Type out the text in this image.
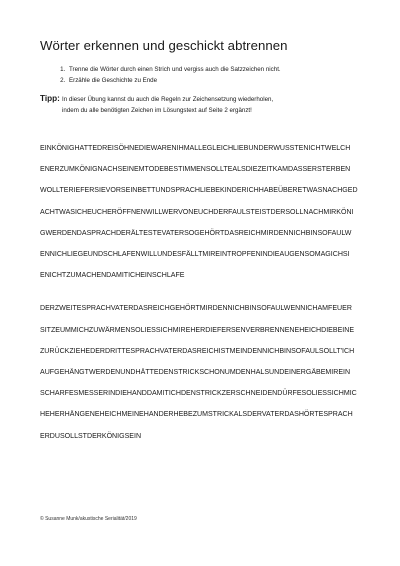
Wörter erkennen und geschickt abtrennen
1. Trenne die Wörter durch einen Strich und vergiss auch die Satzzeichen nicht.
2. Erzähle die Geschichte zu Ende
Tipp: In dieser Übung kannst du auch die Regeln zur Zeichensetzung wiederholen,
indem du alle benötigten Zeichen im Lösungstext auf Seite 2 ergänzt!
EINKÖNIGHATTEDREISÖHNEDIEWARENIHMALLEGLEICHLIEBUNDERWUSSTENICHTWELCH
ENERZUMKÖNIGNACHSEINEMTODEBESTIMMENSOLLTEALSDIEZEITKAMDASSERSTERBEN
WOLLTERIEFERSIEVORSEINBETTUNDSPRACHLIEBEKINDERICHHABEÜBERETWASNACHGED
ACHTWASICHEUCHERÖFFNENWILLWERVONEUCHDERFAULSTEISTDERSOLLNACHMIRKÖNI
GWERDENDASPRACHDERÄLTESTEVATERSOGEHÖRTDASREICHMIRDENNICHBINSOFAULW
ENNICHLIEGEUNDSCHLAFENWILLUNDESFÄLLTMIREINTROPFENINDIEAUGENSOMAGICHSI
ENICHTZUMACHENDAMITICHEINSCHLAFE
DERZWEITESPRACHVATERDASREICHGEHÖRTMIRDENNICHBINSOFAULWENNICHAMFEUER
SITZEUMMICHZUWÄRMENSOLIESSICHMIREHERDIEFERSENVERBRENNENEHEICHDIEBEINE
ZURÜCKZIEHEDERDRITTESPRACHVATERDASREICHISTMEINDENNICHBINSOFAULSOLLT'ICH
AUFGEHÄNGTWERDENUNDHÄTTEDENSTRICKSCHONUMDENHALSUNDEINERGÄBEMIREIN
SCHARFESMESSERINDIEHANDDAMITICHDENSTRICKZERSCHNEIDENDÜRFESOLIESSICHMIC
HEHERHÄNGENEHEICHMEINEHANDERHEBEZUMSTRICKALSDERVATERDASHÖRTESPRACH
ERDUSOLLSTDERKÖNIGSEIN
© Susanne Munk/akustische Serialität/2019
